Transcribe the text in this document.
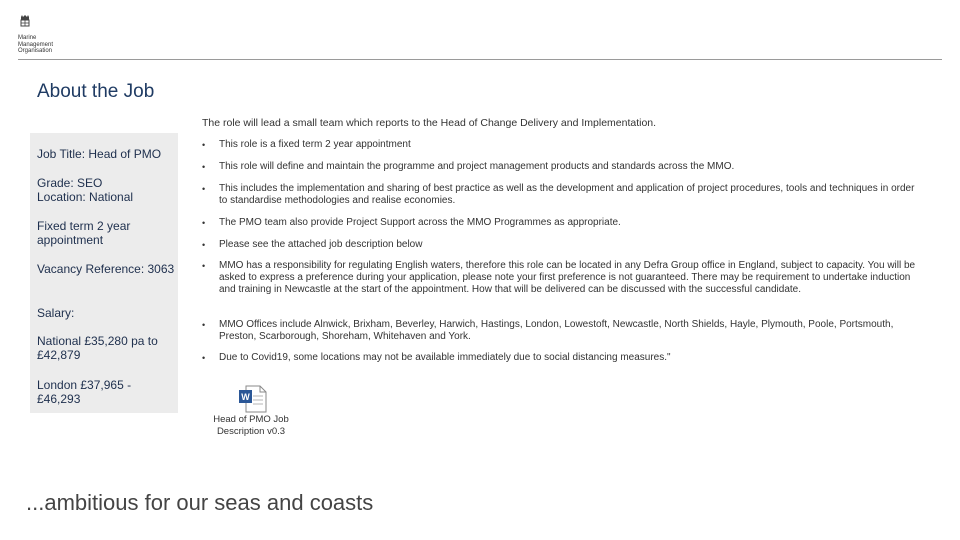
Marine
Management
Organisation
About the Job
Job Title: Head of PMO
Grade: SEO
Location: National
Fixed term 2 year appointment
Vacancy Reference: 3063
Salary:
National £35,280 pa to £42,879
London £37,965 - £46,293
The role will lead a small team which reports to the Head of Change Delivery and Implementation.
• This role is a fixed term 2 year appointment
• This role will define and maintain the programme and project management products and standards across the MMO.
• This includes the implementation and sharing of best practice as well as the development and application of project procedures, tools and techniques in order to standardise methodologies and realise economies.
• The PMO team also provide Project Support across the MMO Programmes as appropriate.
• Please see the attached job description below
• MMO has a responsibility for regulating English waters, therefore this role can be located in any Defra Group office in England, subject to capacity. You will be asked to express a preference during your application, please note your first preference is not guaranteed. There may be requirement to undertake induction and training in Newcastle at the start of the appointment. How that will be delivered can be discussed with the successful candidate.
• MMO Offices include Alnwick, Brixham, Beverley, Harwich, Hastings, London, Lowestoft, Newcastle, North Shields, Hayle, Plymouth, Poole, Portsmouth, Preston, Scarborough, Shoreham, Whitehaven and York.
• Due to Covid19, some locations may not be available immediately due to social distancing measures."
W
Head of PMO Job Description v0.3
...ambitious for our seas and coasts
